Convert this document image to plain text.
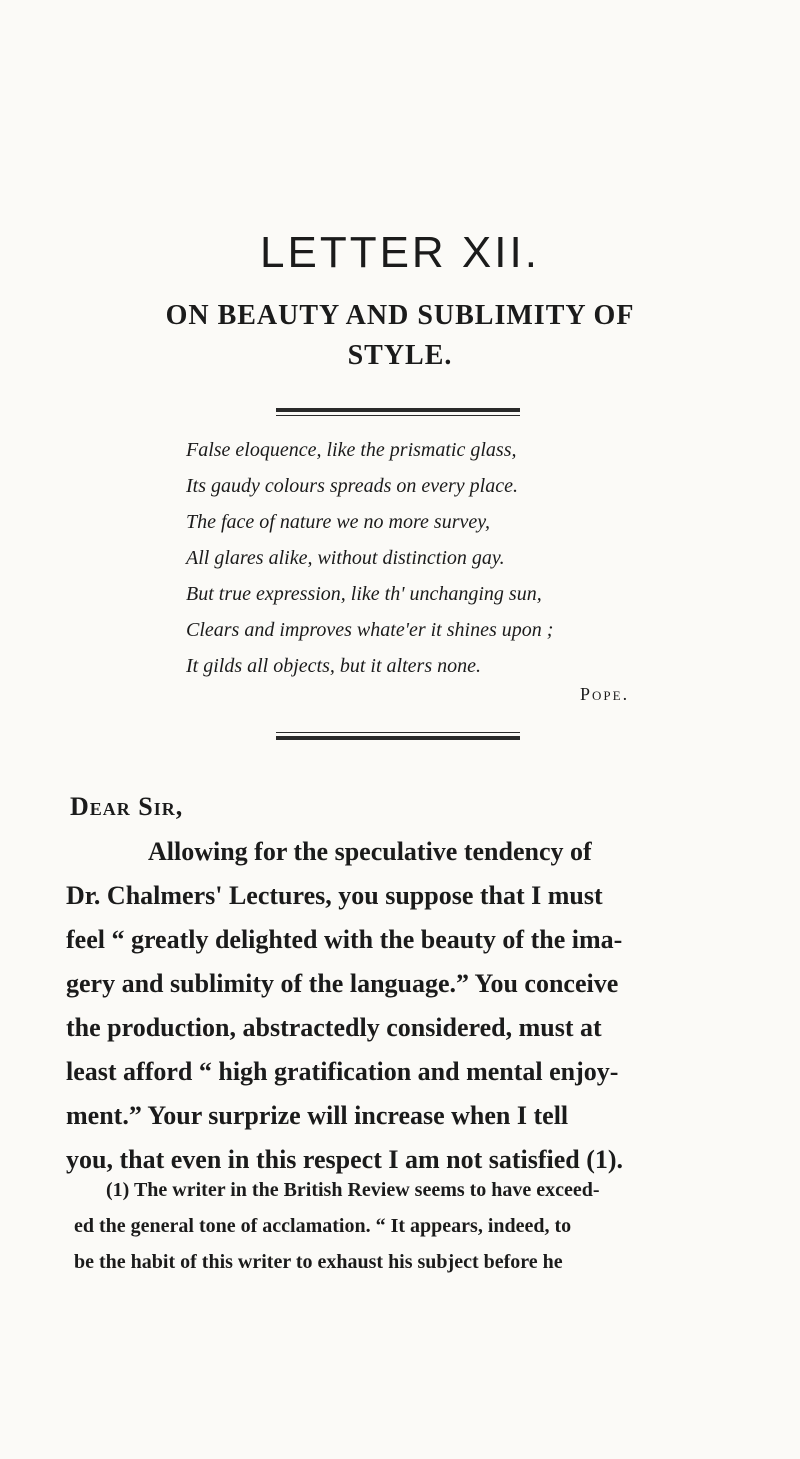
LETTER XII.
ON BEAUTY AND SUBLIMITY OF
STYLE.
False eloquence, like the prismatic glass,
Its gaudy colours spreads on every place.
The face of nature we no more survey,
All glares alike, without distinction gay.
But true expression, like th' unchanging sun,
Clears and improves whate'er it shines upon ;
It gilds all objects, but it alters none.
Pope.
Dear Sir,
Allowing for the speculative tendency of
Dr. Chalmers' Lectures, you suppose that I must
feel “ greatly delighted with the beauty of the ima-
gery and sublimity of the language.” You conceive
the production, abstractedly considered, must at
least afford “ high gratification and mental enjoy-
ment.” Your surprize will increase when I tell
you, that even in this respect I am not satisfied (1).
(1) The writer in the British Review seems to have exceed-
ed the general tone of acclamation. “ It appears, indeed, to
be the habit of this writer to exhaust his subject before he
